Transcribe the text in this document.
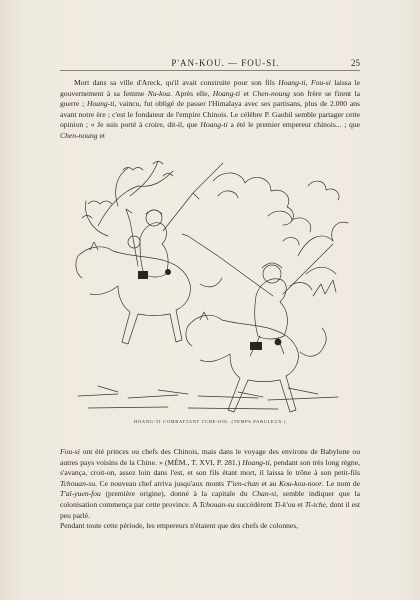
P'AN-KOU. — FOU-SI.	25

Mort dans sa ville d'Areck, qu'il avait construite pour son fils Hoang-ti, Fou-si laissa le gouvernement à sa femme Nu-koa. Après elle, Hoang-ti et Chen-noung son frère se firent la guerre ; Hoang-ti, vaincu, fut obligé de passer l'Himalaya avec ses partisans, plus de 2.000 ans avant notre ère ; c'est le fondateur de l'empire Chinois. Le célèbre P. Gaubil semble partager cette opinion ; « Je suis porté à croire, dit-il, que Hoang-ti a été le premier empereur chinois... ; que Chen-noung et

HOANG-TI COMBATTANT TCHE-IOU. (TEMPS FABULEUX.)

Fou-si ont été princes ou chefs des Chinois, mais dans le voyage des environs de Babylone ou autres pays voisins de la Chine. » (MÉM., T. XVI, P. 281.) Hoang-ti, pendant son très long règne, s'avança, croit-on, assez loin dans l'est, et son fils étant mort, il laissa le trône à son petit-fils Tchouan-su. Ce nouveau chef arriva jusqu'aux monts T'ien-chan et au Kou-kou-noor. Le nom de T'aï-yuen-fou (première origine), donné à la capitale du Chan-si, semble indiquer que la colonisation commença par cette province. A Tchouan-su succédèrent Ti-k'ou et Ti-tche, dont il est peu parlé.
Pendant toute cette période, les empereurs n'étaient que des chefs de colonnes,
